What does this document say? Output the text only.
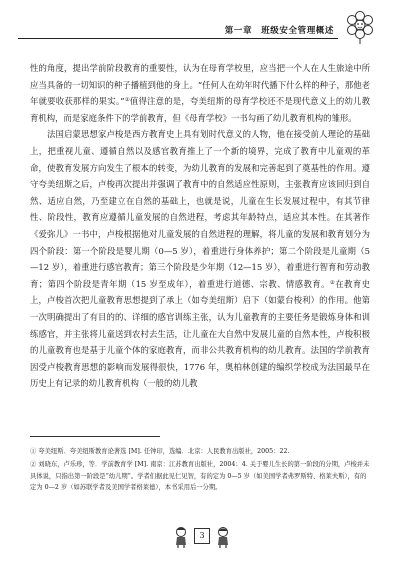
第一章　班级安全管理概述

性的角度，提出学前阶段教育的重要性，认为在母育学校里，应当把一个人在人生旅途中所应当具备的一切知识的种子播植到他的身上。“任何人在幼年时代播下什么样的种子，那他老年就要收获那样的果实。”①值得注意的是，夸美纽斯的母育学校还不是现代意义上的幼儿教育机构，而是家庭条件下的学前教育，但《母育学校》一书勾画了幼儿教育机构的雏形。

法国启蒙思想家卢梭是西方教育史上具有划时代意义的人物，他在接受前人理论的基础上，把重视儿童、遵循自然以及感官教育推上了一个新的境界，完成了教育中儿童观的革命，使教育发展方向发生了根本的转变，为幼儿教育的发展和完善起到了奠基性的作用。遵守夸美纽斯之后，卢梭再次提出并强调了教育中的自然适应性原则，主张教育应该回归到自然、适应自然，乃至建立在自然的基础上，也就是说，儿童在生长发展过程中，有其节律性、阶段性，教育应遵循儿童发展的自然进程，考虑其年龄特点，适应其本性。在其著作《爱弥儿》一书中，卢梭根据他对儿童发展的自然进程的理解，将儿童的发展和教育划分为四个阶段：第一个阶段是婴儿期（0—5 岁），着重进行身体养护；第二个阶段是儿童期（5—12 岁），着重进行感官教育；第三个阶段是少年期（12—15 岁），着重进行智育和劳动教育；第四个阶段是青年期（15 岁至成年），着重进行道德、宗教、情感教育。②在教育史上，卢梭首次把儿童教育思想提到了承上（如夸美纽斯）启下（如蒙台梭利）的作用。他第一次明确提出了有目的的、详细的感官训练主张，认为儿童教育的主要任务是锻炼身体和训练感官，并主张将儿童送到农村去生活，让儿童在大自然中发展儿童的自然本性，卢梭积极的儿童教育也是基于儿童个体的家庭教育，而非公共教育机构的幼儿教育。法国的学前教育因受卢梭教育思想的影响而发展得很快，1776 年，奥柏林创建的编织学校成为法国最早在历史上有记录的幼儿教育机构（一般的幼儿教

① 夸美纽斯．夸美纽斯教育论著选 [M]. 任钟印，选编．北京：人民教育出版社，2005：22.

② 刘晓东，卢乐珍，等．学前教育学 [M]. 南京：江苏教育出版社，2004：4. 关于婴儿生长的第一阶段的分期，卢梭并未具体说，只指出第一阶段是“幼儿期”。学者们据此见仁见智，有的定为 0—5 岁（如美国学者弗罗斯特、格莱夫斯），有的定为 0—2 岁（如苏联学者及美国学者格莱德），本书采用后一分期。

3
